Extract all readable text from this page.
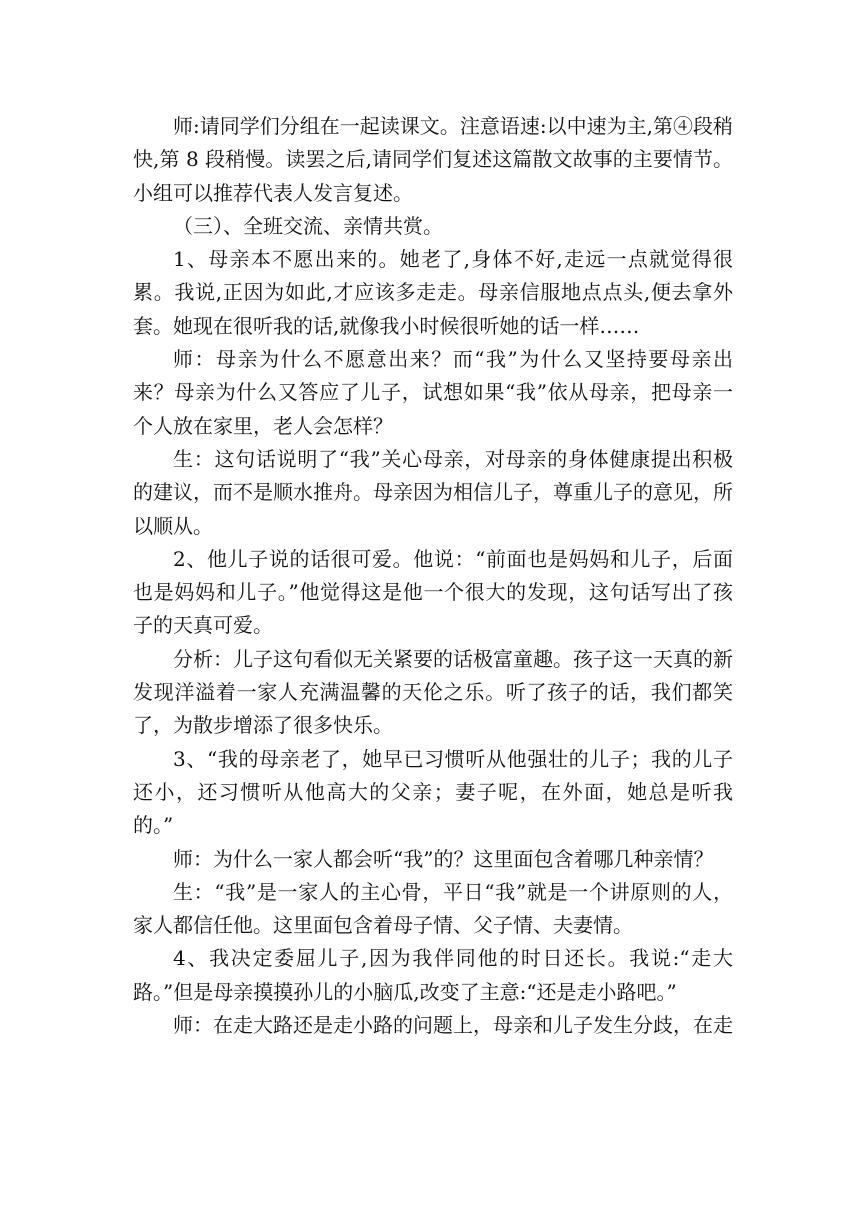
师:请同学们分组在一起读课文。注意语速:以中速为主,第④段稍快,第 8 段稍慢。读罢之后,请同学们复述这篇散文故事的主要情节。小组可以推荐代表人发言复述。

（三）、全班交流、亲情共赏。

1、母亲本不愿出来的。她老了,身体不好,走远一点就觉得很累。我说,正因为如此,才应该多走走。母亲信服地点点头,便去拿外套。她现在很听我的话,就像我小时候很听她的话一样……

师：母亲为什么不愿意出来？而“我”为什么又坚持要母亲出来？母亲为什么又答应了儿子，试想如果“我”依从母亲，把母亲一个人放在家里，老人会怎样？

生：这句话说明了“我”关心母亲，对母亲的身体健康提出积极的建议，而不是顺水推舟。母亲因为相信儿子，尊重儿子的意见，所以顺从。

2、他儿子说的话很可爱。他说：“前面也是妈妈和儿子，后面也是妈妈和儿子。”他觉得这是他一个很大的发现，这句话写出了孩子的天真可爱。

分析：儿子这句看似无关紧要的话极富童趣。孩子这一天真的新发现洋溢着一家人充满温馨的天伦之乐。听了孩子的话，我们都笑了，为散步增添了很多快乐。

3、“我的母亲老了，她早已习惯听从他强壮的儿子；我的儿子还小，还习惯听从他高大的父亲；妻子呢，在外面，她总是听我的。”

师：为什么一家人都会听“我”的？这里面包含着哪几种亲情？

生：“我”是一家人的主心骨，平日“我”就是一个讲原则的人，家人都信任他。这里面包含着母子情、父子情、夫妻情。

4、我决定委屈儿子,因为我伴同他的时日还长。我说:“走大路。”但是母亲摸摸孙儿的小脑瓜,改变了主意:“还是走小路吧。”

师：在走大路还是走小路的问题上，母亲和儿子发生分歧，在走
